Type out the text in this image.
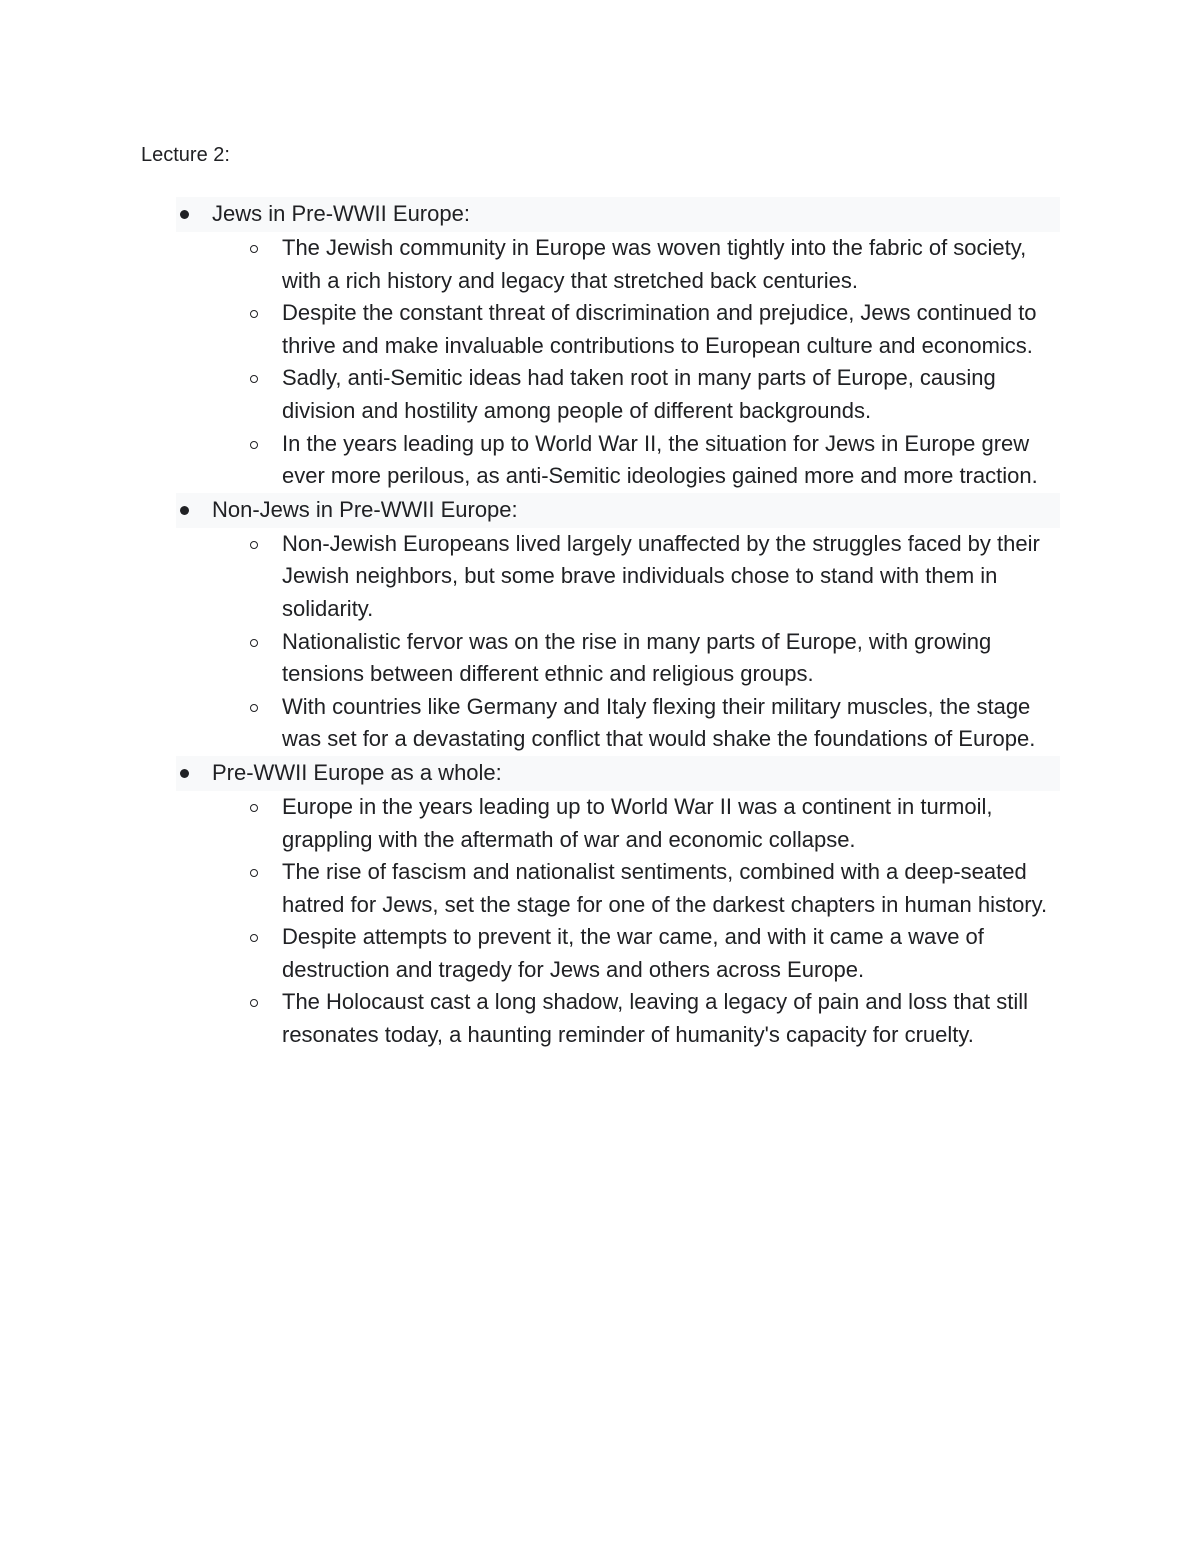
Lecture 2:
Jews in Pre-WWII Europe:
The Jewish community in Europe was woven tightly into the fabric of society, with a rich history and legacy that stretched back centuries.
Despite the constant threat of discrimination and prejudice, Jews continued to thrive and make invaluable contributions to European culture and economics.
Sadly, anti-Semitic ideas had taken root in many parts of Europe, causing division and hostility among people of different backgrounds.
In the years leading up to World War II, the situation for Jews in Europe grew ever more perilous, as anti-Semitic ideologies gained more and more traction.
Non-Jews in Pre-WWII Europe:
Non-Jewish Europeans lived largely unaffected by the struggles faced by their Jewish neighbors, but some brave individuals chose to stand with them in solidarity.
Nationalistic fervor was on the rise in many parts of Europe, with growing tensions between different ethnic and religious groups.
With countries like Germany and Italy flexing their military muscles, the stage was set for a devastating conflict that would shake the foundations of Europe.
Pre-WWII Europe as a whole:
Europe in the years leading up to World War II was a continent in turmoil, grappling with the aftermath of war and economic collapse.
The rise of fascism and nationalist sentiments, combined with a deep-seated hatred for Jews, set the stage for one of the darkest chapters in human history.
Despite attempts to prevent it, the war came, and with it came a wave of destruction and tragedy for Jews and others across Europe.
The Holocaust cast a long shadow, leaving a legacy of pain and loss that still resonates today, a haunting reminder of humanity's capacity for cruelty.
